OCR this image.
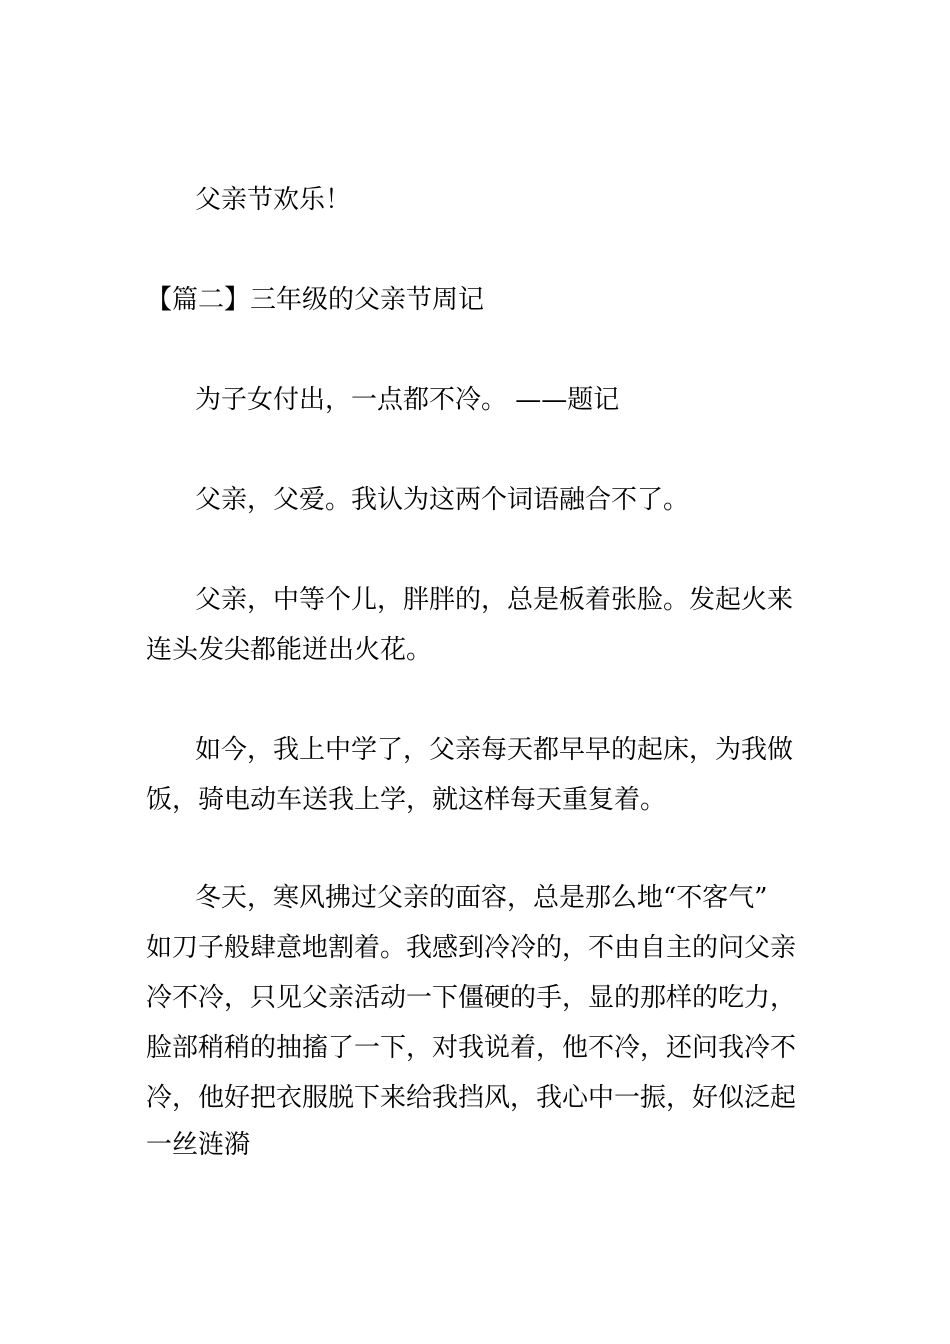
父亲节欢乐！
【篇二】三年级的父亲节周记
为子女付出，一点都不冷。 ——题记
父亲，父爱。我认为这两个词语融合不了。
父亲，中等个儿，胖胖的，总是板着张脸。发起火来
连头发尖都能迸出火花。
如今，我上中学了，父亲每天都早早的起床，为我做
饭，骑电动车送我上学，就这样每天重复着。
冬天，寒风拂过父亲的面容，总是那么地“不客气”
如刀子般肆意地割着。我感到冷冷的，不由自主的问父亲
冷不冷，只见父亲活动一下僵硬的手，显的那样的吃力，
脸部稍稍的抽搐了一下，对我说着，他不冷，还问我冷不
冷，他好把衣服脱下来给我挡风，我心中一振，好似泛起
一丝涟漪
